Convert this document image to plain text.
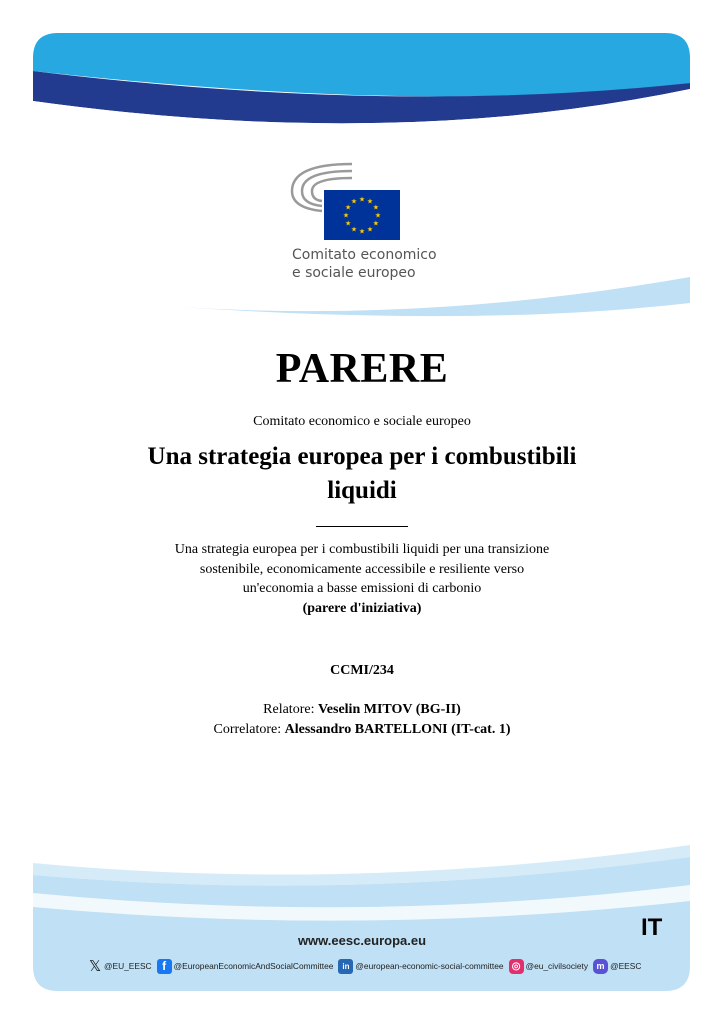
★ ★
★
★
★
★
★
★
★
★
★
★
Comitato economico
e sociale europeo
PARERE
Comitato economico e sociale europeo
Una strategia europea per i combustibili
liquidi
Una strategia europea per i combustibili liquidi per una transizione
sostenibile, economicamente accessibile e resiliente verso
un'economia a basse emissioni di carbonio
(parere d'iniziativa)
CCMI/234
Relatore: Veselin MITOV (BG-II)
Correlatore: Alessandro BARTELLONI (IT-cat. 1)
www.eesc.europa.eu	IT
𝕏 @EU_EESC f @EuropeanEconomicAndSocialCommittee	in @european-economic-social-committee ◎ @eu_civilsociety m @EESC
